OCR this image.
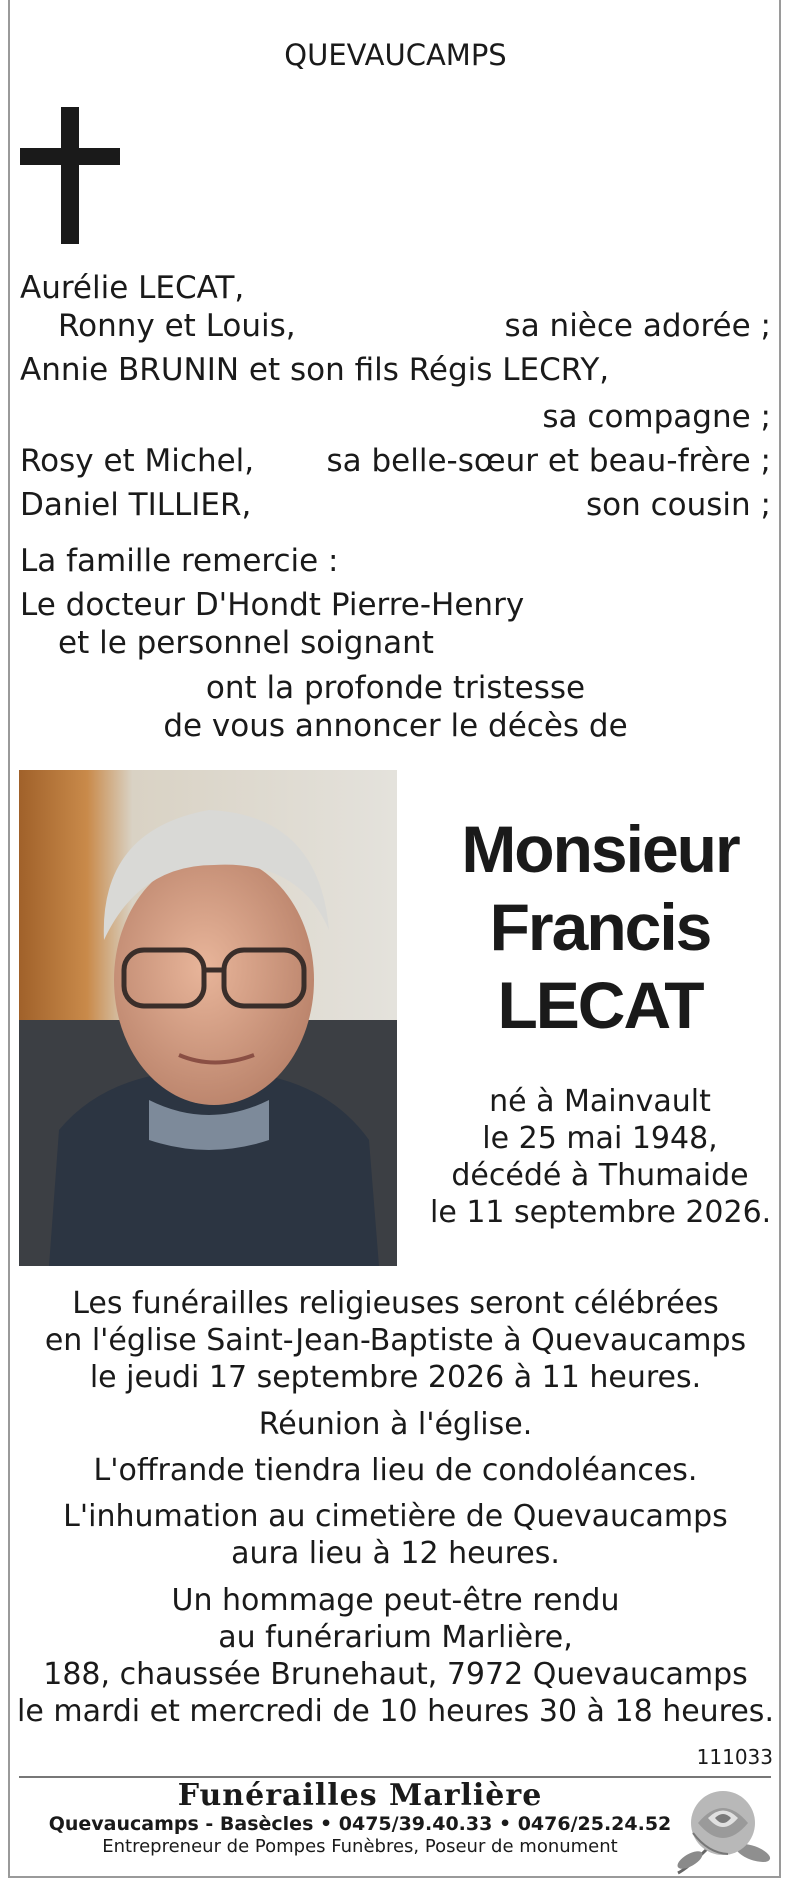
QUEVAUCAMPS
Aurélie LECAT,
Ronny et Louis,	sa nièce adorée ;
Annie BRUNIN et son fils Régis LECRY,
sa compagne ;
Rosy et Michel, sa belle-sœur et beau-frère ;
Daniel TILLIER,	son cousin ;
La famille remercie :
Le docteur D'Hondt Pierre-Henry
et le personnel soignant
ont la profonde tristesse
de vous annoncer le décès de
Monsieur
Francis
LECAT
né à Mainvault
le 25 mai 1948,
décédé à Thumaide
le 11 septembre 2026.
Les funérailles religieuses seront célébrées
en l'église Saint-Jean-Baptiste à Quevaucamps
le jeudi 17 septembre 2026 à 11 heures.
Réunion à l'église.
L'offrande tiendra lieu de condoléances.
L'inhumation au cimetière de Quevaucamps
aura lieu à 12 heures.
Un hommage peut-être rendu
au funérarium Marlière,
188, chaussée Brunehaut, 7972 Quevaucamps
le mardi et mercredi de 10 heures 30 à 18 heures.
111033
Funérailles Marlière
Quevaucamps - Basècles • 0475/39.40.33 • 0476/25.24.52
Entrepreneur de Pompes Funèbres, Poseur de monument
